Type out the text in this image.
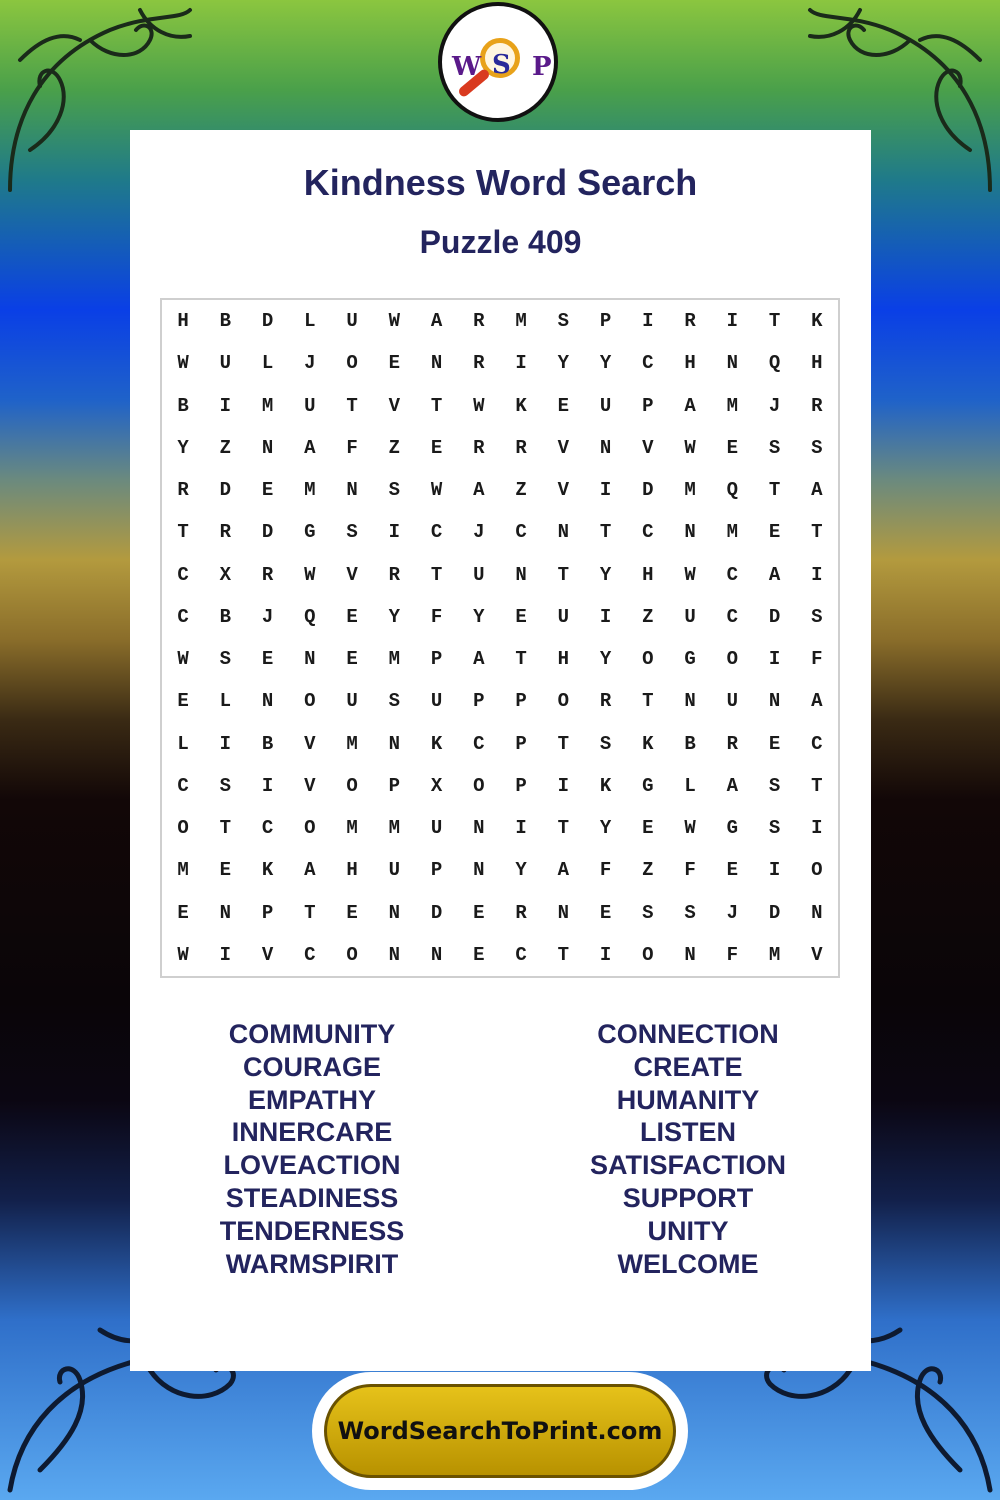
W S P
Kindness Word Search
Puzzle 409
H	B	D	L	U	W	A	R	M	S	P	I	R	I	T	K
W	U	L	J	O	E	N	R	I	Y	Y	C	H	N	Q	H
B	I	M	U	T	V	T	W	K	E	U	P	A	M	J	R
Y	Z	N	A	F	Z	E	R	R	V	N	V	W	E	S	S
R	D	E	M	N	S	W	A	Z	V	I	D	M	Q	T	A
T	R	D	G	S	I	C	J	C	N	T	C	N	M	E	T
C	X	R	W	V	R	T	U	N	T	Y	H	W	C	A	I
C	B	J	Q	E	Y	F	Y	E	U	I	Z	U	C	D	S
W	S	E	N	E	M	P	A	T	H	Y	O	G	O	I	F
E	L	N	O	U	S	U	P	P	O	R	T	N	U	N	A
L	I	B	V	M	N	K	C	P	T	S	K	B	R	E	C
C	S	I	V	O	P	X	O	P	I	K	G	L	A	S	T
O	T	C	O	M	M	U	N	I	T	Y	E	W	G	S	I
M	E	K	A	H	U	P	N	Y	A	F	Z	F	E	I	O
E	N	P	T	E	N	D	E	R	N	E	S	S	J	D	N
W	I	V	C	O	N	N	E	C	T	I	O	N	F	M	V
COMMUNITY
COURAGE
EMPATHY
INNERCARE
LOVEACTION
STEADINESS
TENDERNESS
WARMSPIRIT
CONNECTION
CREATE
HUMANITY
LISTEN
SATISFACTION
SUPPORT
UNITY
WELCOME
WordSearchToPrint.com
